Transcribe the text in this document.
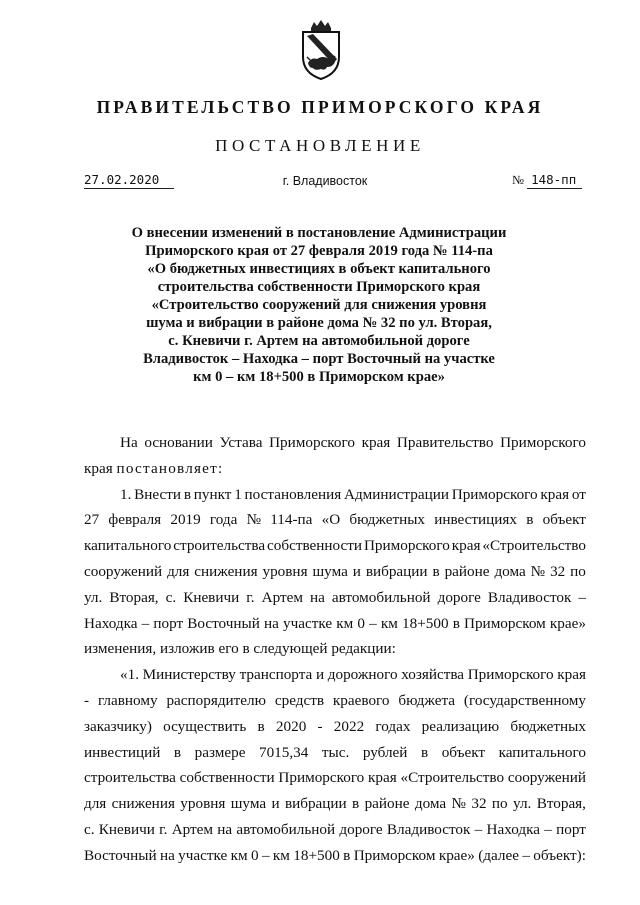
ПРАВИТЕЛЬСТВО ПРИМОРСКОГО КРАЯ
ПОСТАНОВЛЕНИЕ
27.02.2020	г. Владивосток	№ 148-пп
О внесении изменений в постановление Администрации
Приморского края от 27 февраля 2019 года № 114-па
«О бюджетных инвестициях в объект капитального
строительства собственности Приморского края
«Строительство сооружений для снижения уровня
шума и вибрации в районе дома № 32 по ул. Вторая,
с. Кневичи г. Артем на автомобильной дороге
Владивосток – Находка – порт Восточный на участке
км 0 – км 18+500 в Приморском крае»
На основании Устава Приморского края Правительство Приморского
края постановляет:
1. Внести в пункт 1 постановления Администрации Приморского края от
27 февраля 2019 года № 114-па «О бюджетных инвестициях в объект
капитального строительства собственности Приморского края «Строительство
сооружений для снижения уровня шума и вибрации в районе дома № 32 по
ул. Вторая, с. Кневичи г. Артем на автомобильной дороге Владивосток –
Находка – порт Восточный на участке км 0 – км 18+500 в Приморском крае»
изменения, изложив его в следующей редакции:
«1. Министерству транспорта и дорожного хозяйства Приморского края
- главному распорядителю средств краевого бюджета (государственному
заказчику) осуществить в 2020 - 2022 годах реализацию бюджетных
инвестиций в размере 7015,34 тыс. рублей в объект капитального
строительства собственности Приморского края «Строительство сооружений
для снижения уровня шума и вибрации в районе дома № 32 по ул. Вторая,
с. Кневичи г. Артем на автомобильной дороге Владивосток – Находка – порт
Восточный на участке км 0 – км 18+500 в Приморском крае» (далее – объект):
